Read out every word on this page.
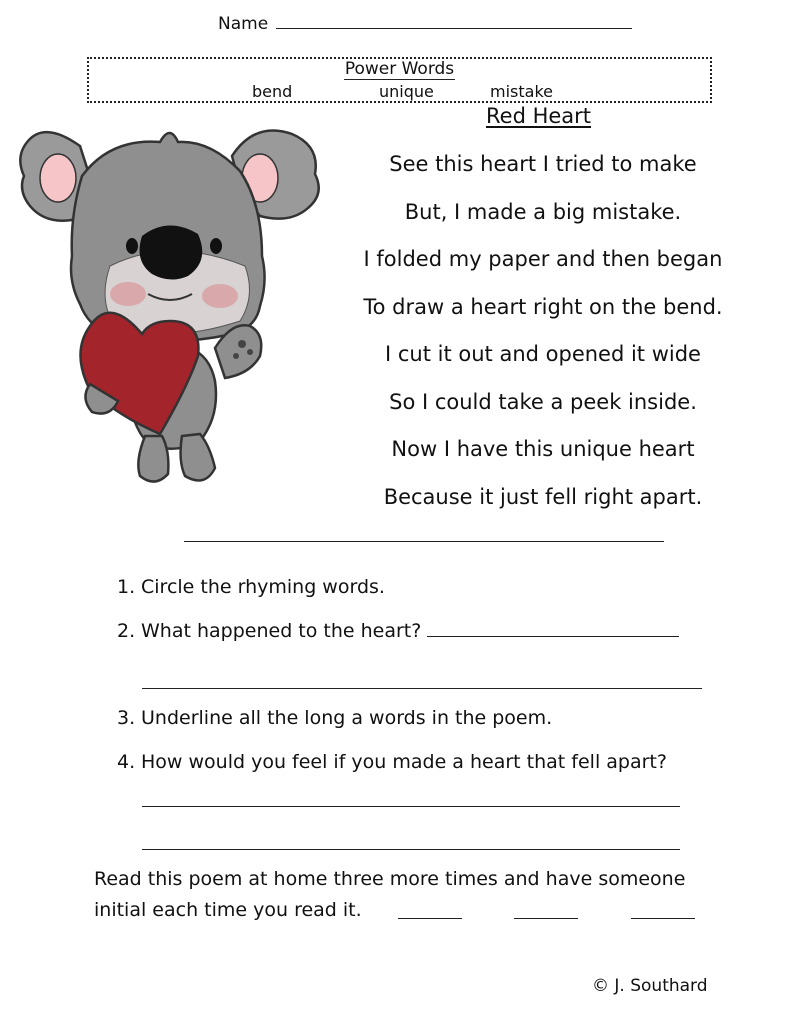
Name
Power Words
bend	unique	mistake
Red Heart
See this heart I tried to make
But, I made a big mistake.
I folded my paper and then began
To draw a heart right on the bend.
I cut it out and opened it wide
So I could take a peek inside.
Now I have this unique heart
Because it just fell right apart.
1. Circle the rhyming words.
2. What happened to the heart?
3. Underline all the long a words in the poem.
4. How would you feel if you made a heart that fell apart?
Read this poem at home three more times and have someone
initial each time you read it.
© J. Southard
